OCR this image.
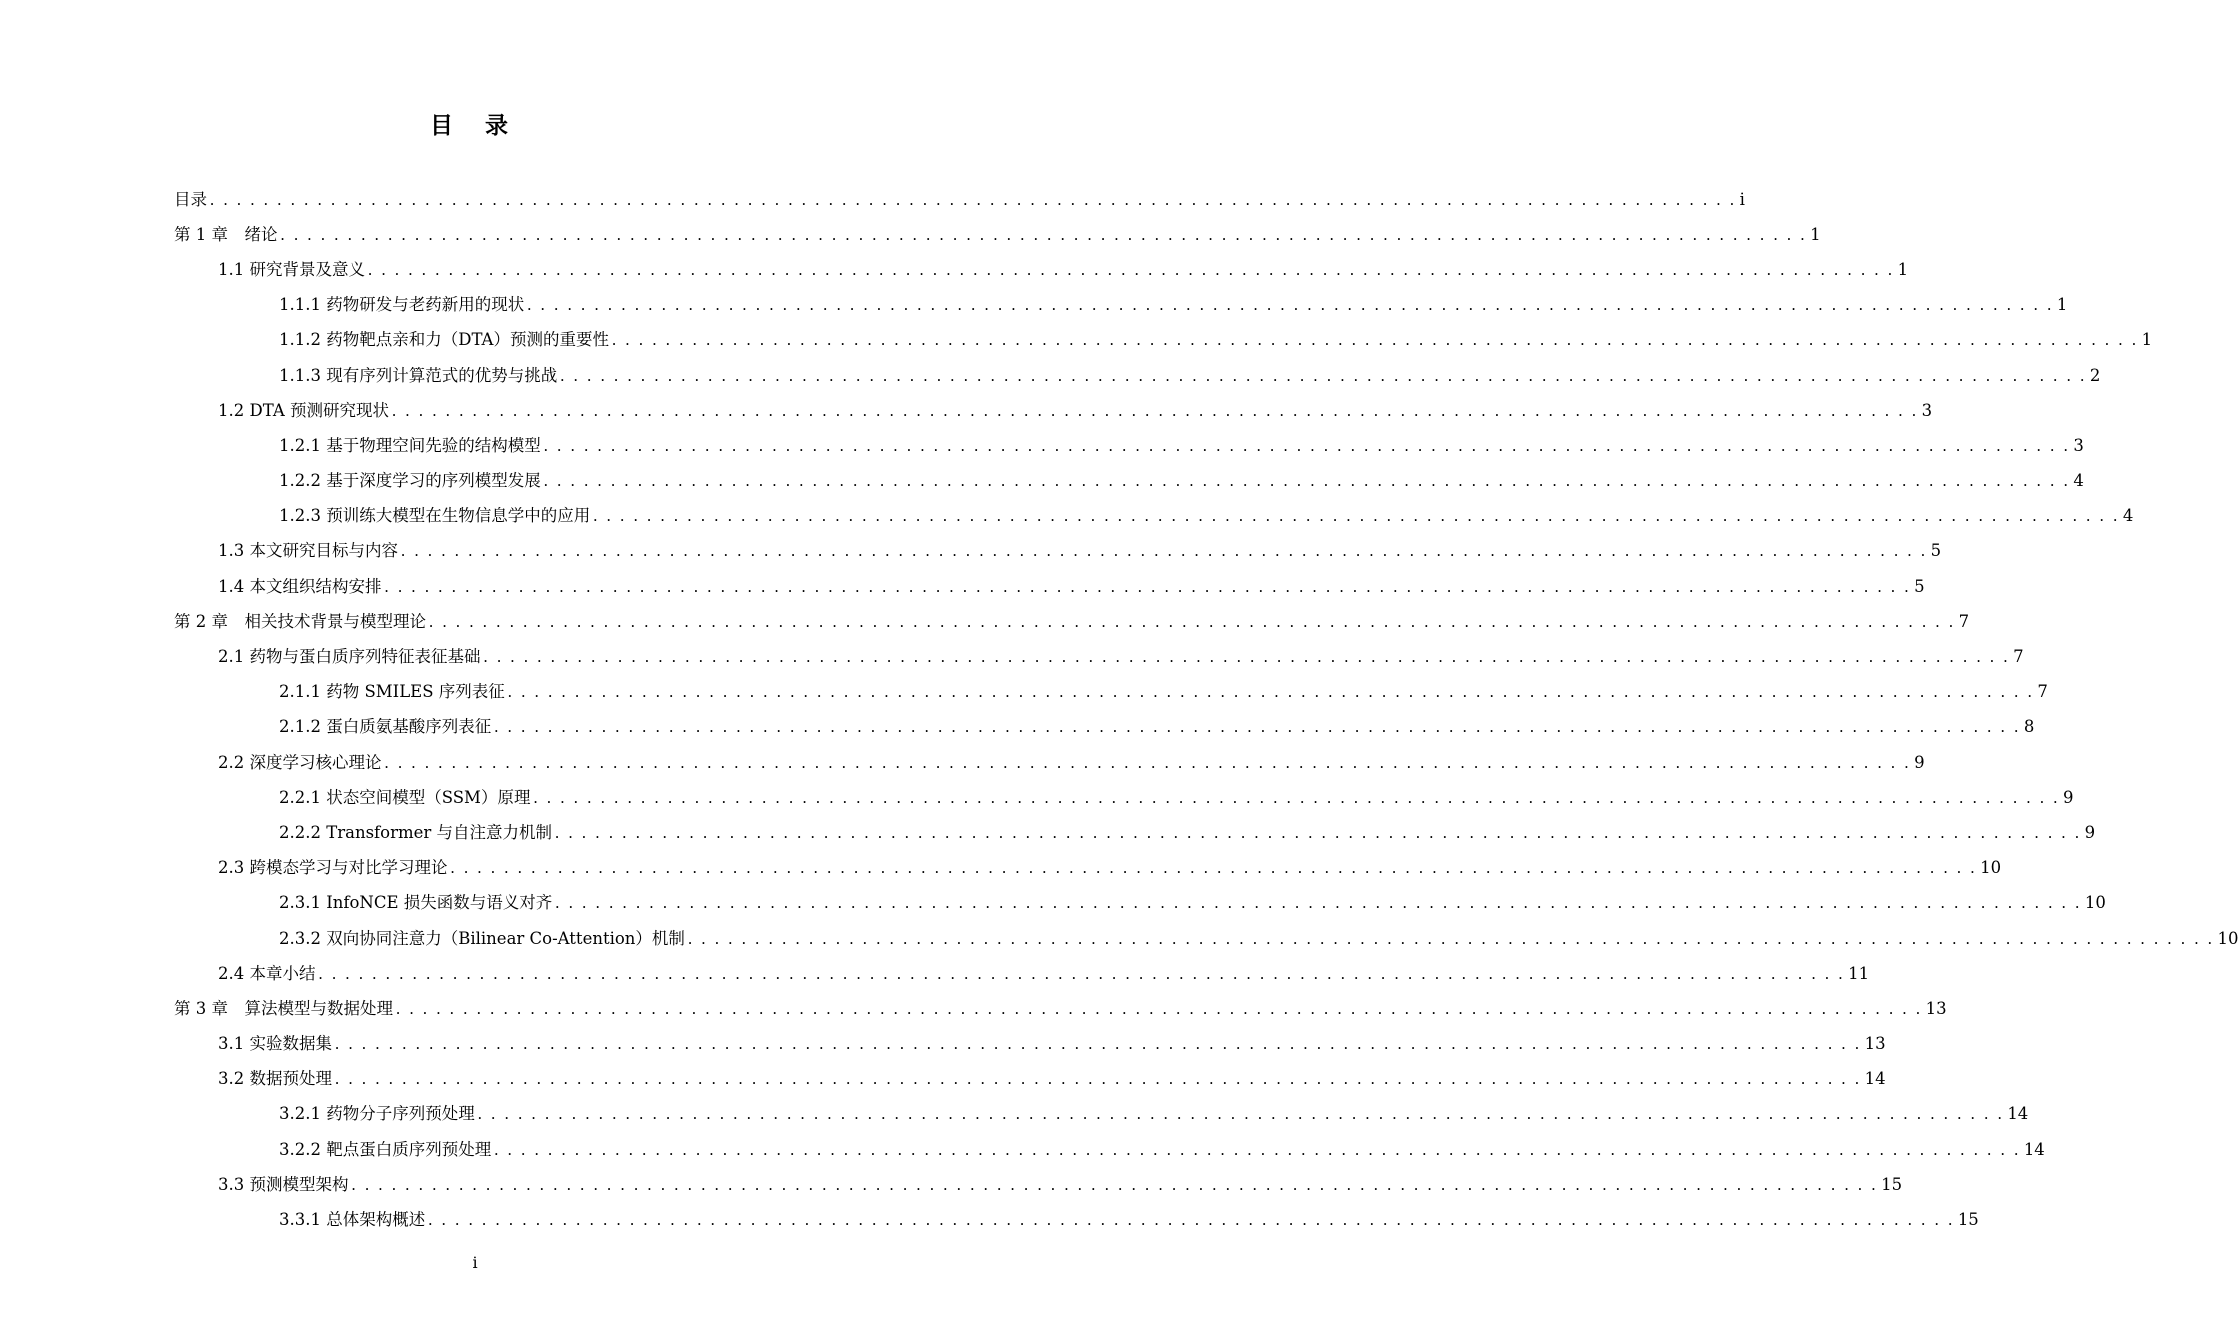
目 录
目录 . . . . . . . . . . . . . . . . . . . . . . . . . . . . . . . . . . . . . . . . . . . . . . . . . . . . . . . . . . . . . . . . . . . . . . . . . . . . . . . . . . . . . . . . . . . . . . . . . . . . . . . . . . . . . . . . . . i
第 1 章　绪论 . . . . . . . . . . . . . . . . . . . . . . . . . . . . . . . . . . . . . . . . . . . . . . . . . . . . . . . . . . . . . . . . . . . . . . . . . . . . . . . . . . . . . . . . . . . . . . . . . . . . . . . . . . . . . . . . . . 1
1.1 研究背景及意义 . . . . . . . . . . . . . . . . . . . . . . . . . . . . . . . . . . . . . . . . . . . . . . . . . . . . . . . . . . . . . . . . . . . . . . . . . . . . . . . . . . . . . . . . . . . . . . . . . . . . . . . . . . . . . . . . . . 1
1.1.1 药物研发与老药新用的现状 . . . . . . . . . . . . . . . . . . . . . . . . . . . . . . . . . . . . . . . . . . . . . . . . . . . . . . . . . . . . . . . . . . . . . . . . . . . . . . . . . . . . . . . . . . . . . . . . . . . . . . . . . . . . . . . . . . 1
1.1.2 药物靶点亲和力（DTA）预测的重要性 . . . . . . . . . . . . . . . . . . . . . . . . . . . . . . . . . . . . . . . . . . . . . . . . . . . . . . . . . . . . . . . . . . . . . . . . . . . . . . . . . . . . . . . . . . . . . . . . . . . . . . . . . . . . . . . . . . 1
1.1.3 现有序列计算范式的优势与挑战 . . . . . . . . . . . . . . . . . . . . . . . . . . . . . . . . . . . . . . . . . . . . . . . . . . . . . . . . . . . . . . . . . . . . . . . . . . . . . . . . . . . . . . . . . . . . . . . . . . . . . . . . . . . . . . . . . . 2
1.2 DTA 预测研究现状 . . . . . . . . . . . . . . . . . . . . . . . . . . . . . . . . . . . . . . . . . . . . . . . . . . . . . . . . . . . . . . . . . . . . . . . . . . . . . . . . . . . . . . . . . . . . . . . . . . . . . . . . . . . . . . . . . . 3
1.2.1 基于物理空间先验的结构模型 . . . . . . . . . . . . . . . . . . . . . . . . . . . . . . . . . . . . . . . . . . . . . . . . . . . . . . . . . . . . . . . . . . . . . . . . . . . . . . . . . . . . . . . . . . . . . . . . . . . . . . . . . . . . . . . . . . 3
1.2.2 基于深度学习的序列模型发展 . . . . . . . . . . . . . . . . . . . . . . . . . . . . . . . . . . . . . . . . . . . . . . . . . . . . . . . . . . . . . . . . . . . . . . . . . . . . . . . . . . . . . . . . . . . . . . . . . . . . . . . . . . . . . . . . . . 4
1.2.3 预训练大模型在生物信息学中的应用 . . . . . . . . . . . . . . . . . . . . . . . . . . . . . . . . . . . . . . . . . . . . . . . . . . . . . . . . . . . . . . . . . . . . . . . . . . . . . . . . . . . . . . . . . . . . . . . . . . . . . . . . . . . . . . . . . . 4
1.3 本文研究目标与内容 . . . . . . . . . . . . . . . . . . . . . . . . . . . . . . . . . . . . . . . . . . . . . . . . . . . . . . . . . . . . . . . . . . . . . . . . . . . . . . . . . . . . . . . . . . . . . . . . . . . . . . . . . . . . . . . . . . 5
1.4 本文组织结构安排 . . . . . . . . . . . . . . . . . . . . . . . . . . . . . . . . . . . . . . . . . . . . . . . . . . . . . . . . . . . . . . . . . . . . . . . . . . . . . . . . . . . . . . . . . . . . . . . . . . . . . . . . . . . . . . . . . . 5
第 2 章　相关技术背景与模型理论 . . . . . . . . . . . . . . . . . . . . . . . . . . . . . . . . . . . . . . . . . . . . . . . . . . . . . . . . . . . . . . . . . . . . . . . . . . . . . . . . . . . . . . . . . . . . . . . . . . . . . . . . . . . . . . . . . . 7
2.1 药物与蛋白质序列特征表征基础 . . . . . . . . . . . . . . . . . . . . . . . . . . . . . . . . . . . . . . . . . . . . . . . . . . . . . . . . . . . . . . . . . . . . . . . . . . . . . . . . . . . . . . . . . . . . . . . . . . . . . . . . . . . . . . . . . . 7
2.1.1 药物 SMILES 序列表征 . . . . . . . . . . . . . . . . . . . . . . . . . . . . . . . . . . . . . . . . . . . . . . . . . . . . . . . . . . . . . . . . . . . . . . . . . . . . . . . . . . . . . . . . . . . . . . . . . . . . . . . . . . . . . . . . . . 7
2.1.2 蛋白质氨基酸序列表征 . . . . . . . . . . . . . . . . . . . . . . . . . . . . . . . . . . . . . . . . . . . . . . . . . . . . . . . . . . . . . . . . . . . . . . . . . . . . . . . . . . . . . . . . . . . . . . . . . . . . . . . . . . . . . . . . . . 8
2.2 深度学习核心理论 . . . . . . . . . . . . . . . . . . . . . . . . . . . . . . . . . . . . . . . . . . . . . . . . . . . . . . . . . . . . . . . . . . . . . . . . . . . . . . . . . . . . . . . . . . . . . . . . . . . . . . . . . . . . . . . . . . 9
2.2.1 状态空间模型（SSM）原理 . . . . . . . . . . . . . . . . . . . . . . . . . . . . . . . . . . . . . . . . . . . . . . . . . . . . . . . . . . . . . . . . . . . . . . . . . . . . . . . . . . . . . . . . . . . . . . . . . . . . . . . . . . . . . . . . . . 9
2.2.2 Transformer 与自注意力机制 . . . . . . . . . . . . . . . . . . . . . . . . . . . . . . . . . . . . . . . . . . . . . . . . . . . . . . . . . . . . . . . . . . . . . . . . . . . . . . . . . . . . . . . . . . . . . . . . . . . . . . . . . . . . . . . . . . 9
2.3 跨模态学习与对比学习理论 . . . . . . . . . . . . . . . . . . . . . . . . . . . . . . . . . . . . . . . . . . . . . . . . . . . . . . . . . . . . . . . . . . . . . . . . . . . . . . . . . . . . . . . . . . . . . . . . . . . . . . . . . . . . . . . . . . 10
2.3.1 InfoNCE 损失函数与语义对齐 . . . . . . . . . . . . . . . . . . . . . . . . . . . . . . . . . . . . . . . . . . . . . . . . . . . . . . . . . . . . . . . . . . . . . . . . . . . . . . . . . . . . . . . . . . . . . . . . . . . . . . . . . . . . . . . . . . 10
2.3.2 双向协同注意力（Bilinear Co-Attention）机制 . . . . . . . . . . . . . . . . . . . . . . . . . . . . . . . . . . . . . . . . . . . . . . . . . . . . . . . . . . . . . . . . . . . . . . . . . . . . . . . . . . . . . . . . . . . . . . . . . . . . . . . . . . . . . . . . . . 10
2.4 本章小结 . . . . . . . . . . . . . . . . . . . . . . . . . . . . . . . . . . . . . . . . . . . . . . . . . . . . . . . . . . . . . . . . . . . . . . . . . . . . . . . . . . . . . . . . . . . . . . . . . . . . . . . . . . . . . . . . . . 11
第 3 章　算法模型与数据处理 . . . . . . . . . . . . . . . . . . . . . . . . . . . . . . . . . . . . . . . . . . . . . . . . . . . . . . . . . . . . . . . . . . . . . . . . . . . . . . . . . . . . . . . . . . . . . . . . . . . . . . . . . . . . . . . . . . 13
3.1 实验数据集 . . . . . . . . . . . . . . . . . . . . . . . . . . . . . . . . . . . . . . . . . . . . . . . . . . . . . . . . . . . . . . . . . . . . . . . . . . . . . . . . . . . . . . . . . . . . . . . . . . . . . . . . . . . . . . . . . . 13
3.2 数据预处理 . . . . . . . . . . . . . . . . . . . . . . . . . . . . . . . . . . . . . . . . . . . . . . . . . . . . . . . . . . . . . . . . . . . . . . . . . . . . . . . . . . . . . . . . . . . . . . . . . . . . . . . . . . . . . . . . . . 14
3.2.1 药物分子序列预处理 . . . . . . . . . . . . . . . . . . . . . . . . . . . . . . . . . . . . . . . . . . . . . . . . . . . . . . . . . . . . . . . . . . . . . . . . . . . . . . . . . . . . . . . . . . . . . . . . . . . . . . . . . . . . . . . . . . 14
3.2.2 靶点蛋白质序列预处理 . . . . . . . . . . . . . . . . . . . . . . . . . . . . . . . . . . . . . . . . . . . . . . . . . . . . . . . . . . . . . . . . . . . . . . . . . . . . . . . . . . . . . . . . . . . . . . . . . . . . . . . . . . . . . . . . . . 14
3.3 预测模型架构 . . . . . . . . . . . . . . . . . . . . . . . . . . . . . . . . . . . . . . . . . . . . . . . . . . . . . . . . . . . . . . . . . . . . . . . . . . . . . . . . . . . . . . . . . . . . . . . . . . . . . . . . . . . . . . . . . . 15
3.3.1 总体架构概述 . . . . . . . . . . . . . . . . . . . . . . . . . . . . . . . . . . . . . . . . . . . . . . . . . . . . . . . . . . . . . . . . . . . . . . . . . . . . . . . . . . . . . . . . . . . . . . . . . . . . . . . . . . . . . . . . . . 15
i
